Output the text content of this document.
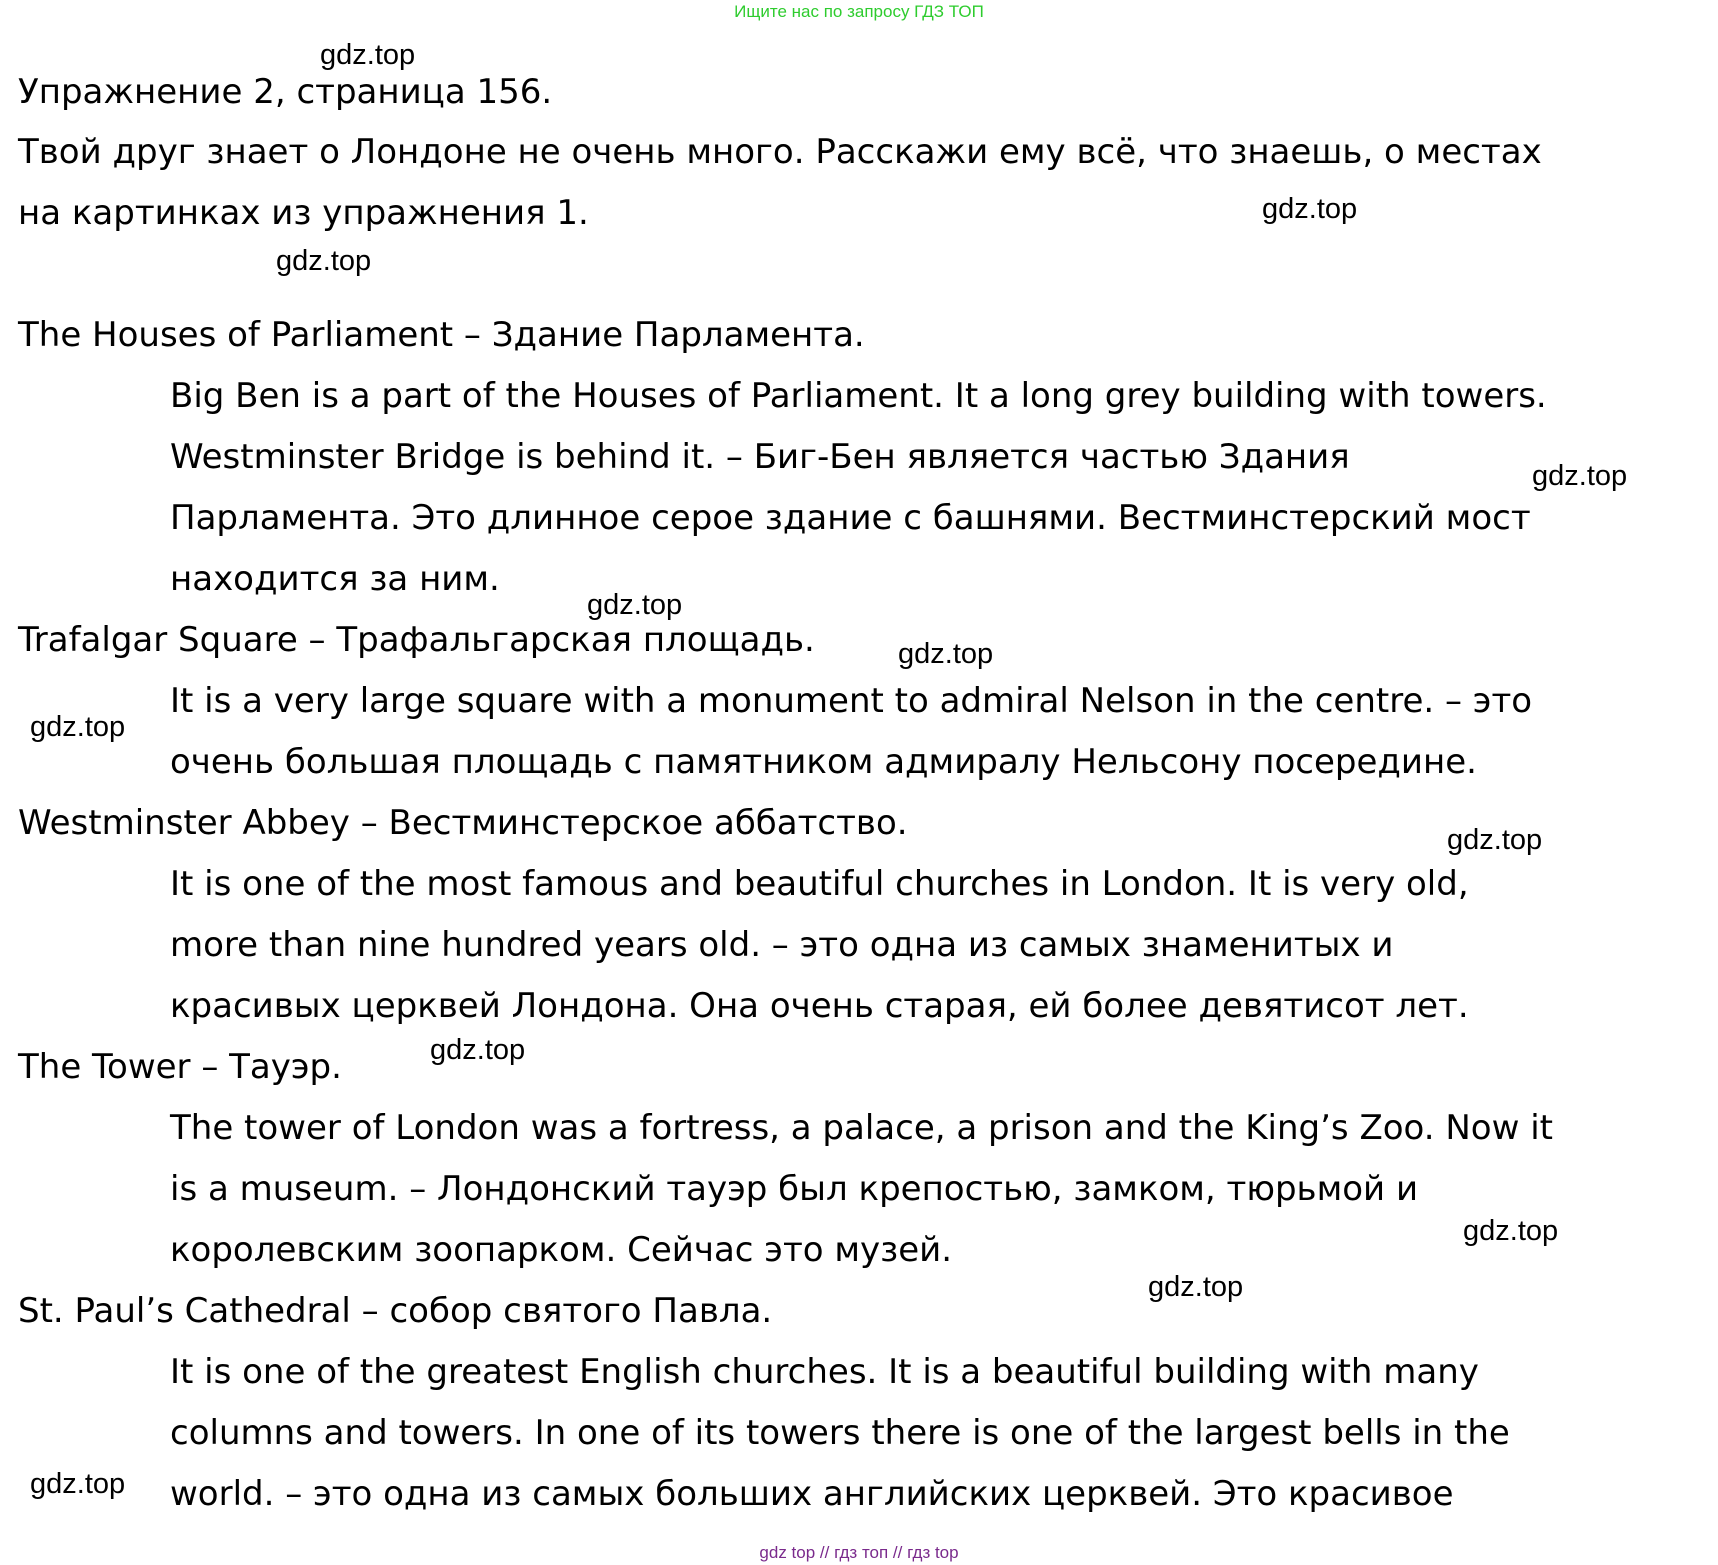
Ищите нас по запросу ГДЗ ТОП
Упражнение 2, страница 156.
Твой друг знает о Лондоне не очень много. Расскажи ему всё, что знаешь, о местах
на картинках из упражнения 1.
The Houses of Parliament – Здание Парламента.
Big Ben is a part of the Houses of Parliament. It a long grey building with towers.
Westminster Bridge is behind it. – Биг-Бен является частью Здания
Парламента. Это длинное серое здание с башнями. Вестминстерский мост
находится за ним.
Trafalgar Square – Трафальгарская площадь.
It is a very large square with a monument to admiral Nelson in the centre. – это
очень большая площадь с памятником адмиралу Нельсону посередине.
Westminster Abbey – Вестминстерское аббатство.
It is one of the most famous and beautiful churches in London. It is very old,
more than nine hundred years old. – это одна из самых знаменитых и
красивых церквей Лондона. Она очень старая, ей более девятисот лет.
The Tower – Тауэр.
The tower of London was a fortress, a palace, a prison and the King’s Zoo. Now it
is a museum. – Лондонский тауэр был крепостью, замком, тюрьмой и
королевским зоопарком. Сейчас это музей.
St. Paul’s Cathedral – собор святого Павла.
It is one of the greatest English churches. It is a beautiful building with many
columns and towers. In one of its towers there is one of the largest bells in the
world. – это одна из самых больших английских церквей. Это красивое
gdz.top
gdz.top
gdz.top
gdz.top
gdz.top
gdz.top
gdz.top
gdz.top
gdz.top
gdz.top
gdz.top
gdz.top
gdz top // гдз топ // гдз top
